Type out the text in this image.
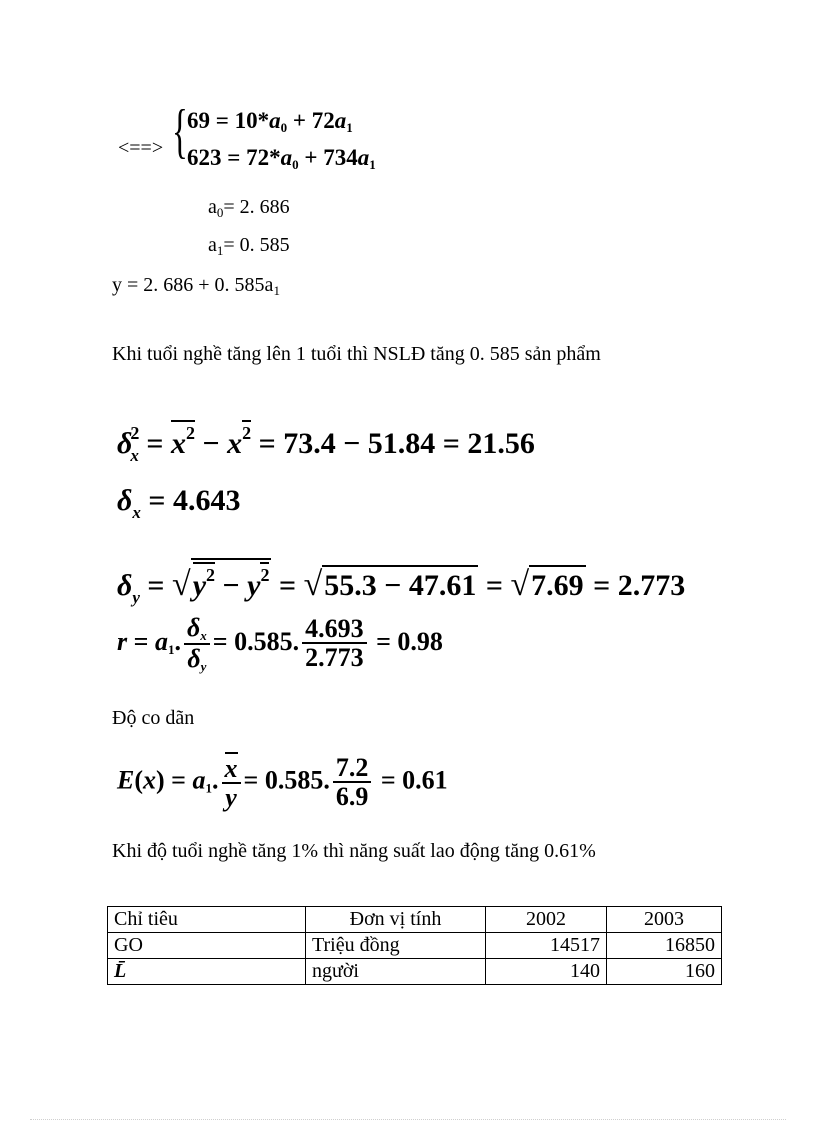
<==> { $69 = 10*a_0 + 72a_1$
$623 = 72*a_0 + 734a_1$
$a_0= 2$. 686
$a_1= 0$. 585
y = 2. 686 + 0. $585a_1$
Khi tuổi nghề tăng lên 1 tuổi thì NSLĐ tăng 0. 585 sản phẩm
$\delta^2_x = x^2 - x^2 = 73.4 - 51.84 = 21.56$
$\delta_x = 4.643$
$\delta_y = √y^2 - y^2 = √55.3 - 47.61 = √7.69 = 2.773$
$r = a_1$. $\frac{\delta_x}{\delta_y} = 0.585$. $\frac{4.693}{2.773} = 0.98$
Độ co dãn
$E(x) = a_1$. $\frac{x}{y} = 0.585$. $\frac{7.2}{6.9} = 0.61$
Khi độ tuổi nghề tăng 1% thì năng suất lao động tăng 0.61%
Chỉ tiêu	Đơn vị tính	2002	2003
GO	Triệu đồng	14517	16850
L̄	người	140	160
